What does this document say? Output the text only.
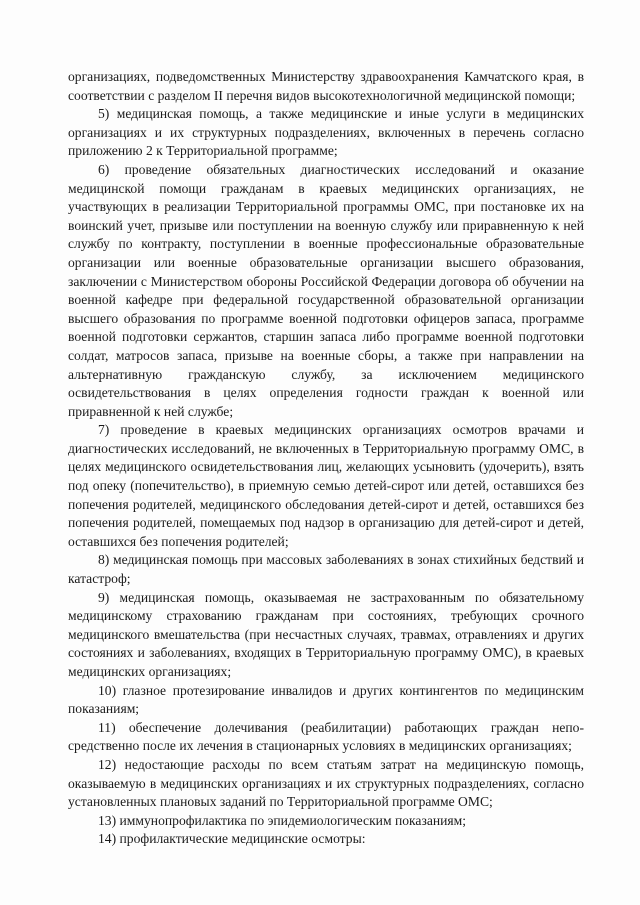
организациях, подведомственных Министерству здравоохранения Камчатского края, в соответствии с разделом II перечня видов высокотехнологичной медицинской помощи;

5) медицинская помощь, а также медицинские и иные услуги в медицинских организациях и их структурных подразделениях, включенных в перечень согласно приложению 2 к Территориальной программе;

6) проведение обязательных диагностических исследований и оказание медицинской помощи гражданам в краевых медицинских организациях, не участвующих в реализации Территориальной программы ОМС, при постановке их на воинский учет, призыве или поступлении на военную службу или приравненную к ней службу по контракту, поступлении в военные профессиональные образовательные организации или военные образовательные организации высшего образования, заключении с Министерством обороны Российской Федерации договора об обучении на военной кафедре при федеральной государственной образовательной организации высшего образования по программе военной подготовки офицеров запаса, программе военной подготовки сержантов, старшин запаса либо программе военной подготовки солдат, матросов запаса, призыве на военные сборы, а также при направлении на альтернативную гражданскую службу, за исключением медицинского освидетельствования в целях определения годности граждан к военной или приравненной к ней службе;

7) проведение в краевых медицинских организациях осмотров врачами и диагностических исследований, не включенных в Территориальную программу ОМС, в целях медицинского освидетельствования лиц, желающих усыновить (удочерить), взять под опеку (попечительство), в приемную семью детей-сирот или детей, оставшихся без попечения родителей, медицинского обследования детей-сирот и детей, оставшихся без попечения родителей, помещаемых под надзор в организацию для детей-сирот и детей, оставшихся без попечения родителей;

8) медицинская помощь при массовых заболеваниях в зонах стихийных бедствий и катастроф;

9) медицинская помощь, оказываемая не застрахованным по обязательному медицинскому страхованию гражданам при состояниях, требующих срочного медицинского вмешательства (при несчастных случаях, травмах, отравлениях и других состояниях и заболеваниях, входящих в Территориальную программу ОМС), в краевых медицинских организациях;

10) глазное протезирование инвалидов и других контингентов по медицинским показаниям;

11) обеспечение долечивания (реабилитации) работающих граждан непосредственно после их лечения в стационарных условиях в медицинских организациях;

12) недостающие расходы по всем статьям затрат на медицинскую помощь, оказываемую в медицинских организациях и их структурных подразделениях, согласно установленных плановых заданий по Территориальной программе ОМС;

13) иммунопрофилактика по эпидемиологическим показаниям;

14) профилактические медицинские осмотры:
